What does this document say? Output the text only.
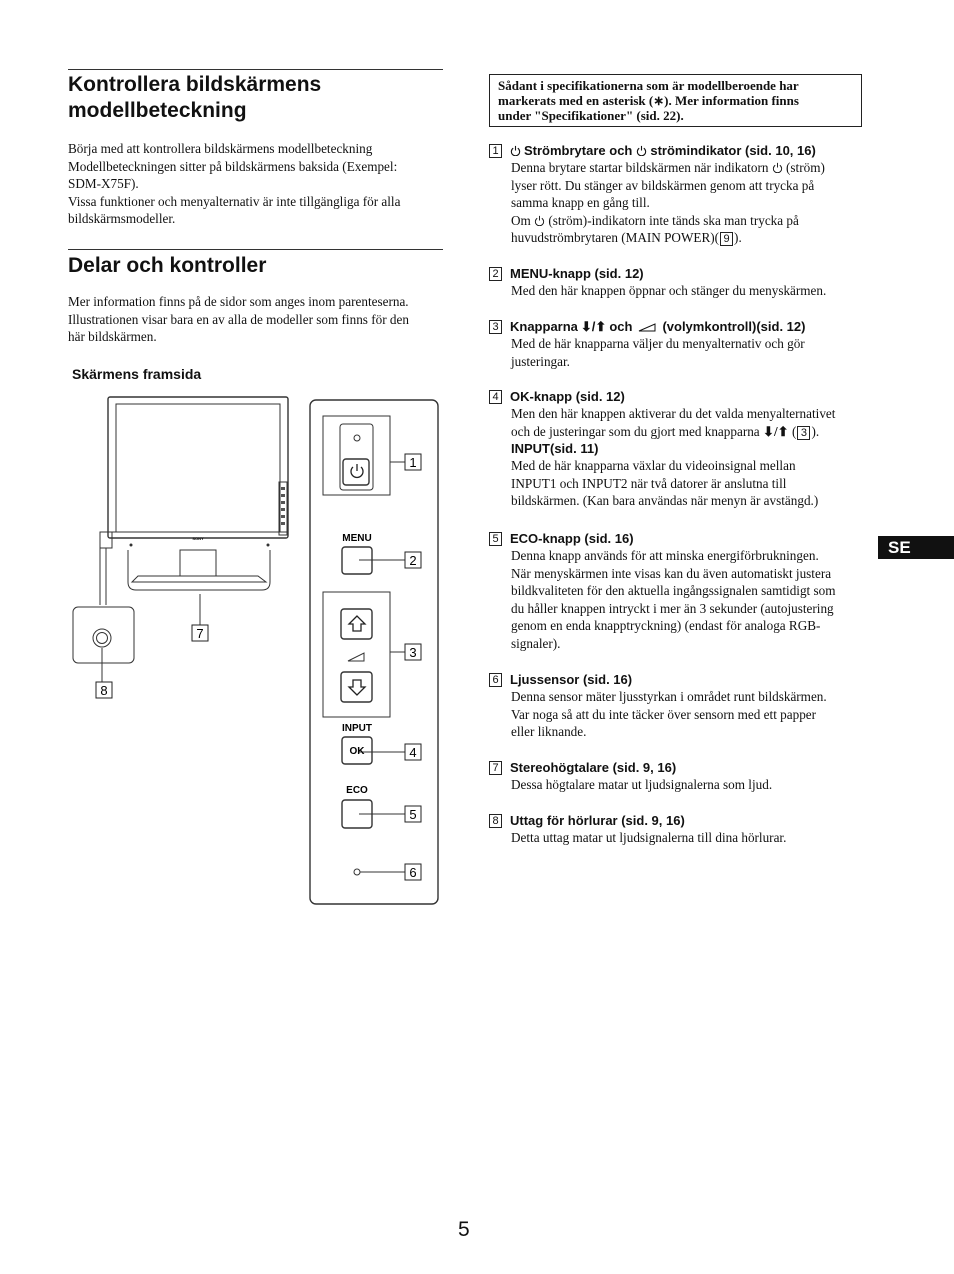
Kontrollera bildskärmens modellbeteckning
Börja med att kontrollera bildskärmens modellbeteckning
Modellbeteckningen sitter på bildskärmens baksida (Exempel:
SDM-X75F).
Vissa funktioner och menyalternativ är inte tillgängliga för alla
bildskärmsmodeller.
Delar och kontroller
Mer information finns på de sidor som anges inom parenteserna.
Illustrationen visar bara en av alla de modeller som finns för den
här bildskärmen.
Skärmens framsida
SONY	MENU
INPUT
ECO
OK
1
2
3
4
5
6
7
8
Sådant i specifikationerna som är modellberoende har
markerats med en asterisk (∗). Mer information finns
under "Specifikationer" (sid. 22).
1 Strömbrytare och strömindikator (sid. 10, 16)
Denna brytare startar bildskärmen när indikatorn (ström)
lyser rött. Du stänger av bildskärmen genom att trycka på
samma knapp en gång till.
Om (ström)-indikatorn inte tänds ska man trycka på
huvudströmbrytaren (MAIN POWER)( 9 ).
2 MENU-knapp (sid. 12)
Med den här knappen öppnar och stänger du menyskärmen.
3 Knapparna ⬇/⬆ och (volymkontroll)(sid. 12)
Med de här knapparna väljer du menyalternativ och gör
justeringar.
4 OK-knapp (sid. 12)
Men den här knappen aktiverar du det valda menyalternativet
och de justeringar som du gjort med knapparna ⬇/⬆ ( 3 ).
INPUT(sid. 11)
Med de här knapparna växlar du videoinsignal mellan
INPUT1 och INPUT2 när två datorer är anslutna till
bildskärmen. (Kan bara användas när menyn är avstängd.)
5 ECO-knapp (sid. 16)
Denna knapp används för att minska energiförbrukningen.
När menyskärmen inte visas kan du även automatiskt justera
bildkvaliteten för den aktuella ingångssignalen samtidigt som
du håller knappen intryckt i mer än 3 sekunder (autojustering
genom en enda knapptryckning) (endast för analoga RGB-
signaler).
6 Ljussensor (sid. 16)
Denna sensor mäter ljusstyrkan i området runt bildskärmen.
Var noga så att du inte täcker över sensorn med ett papper
eller liknande.
7 Stereohögtalare (sid. 9, 16)
Dessa högtalare matar ut ljudsignalerna som ljud.
8 Uttag för hörlurar (sid. 9, 16)
Detta uttag matar ut ljudsignalerna till dina hörlurar.
SE
5
